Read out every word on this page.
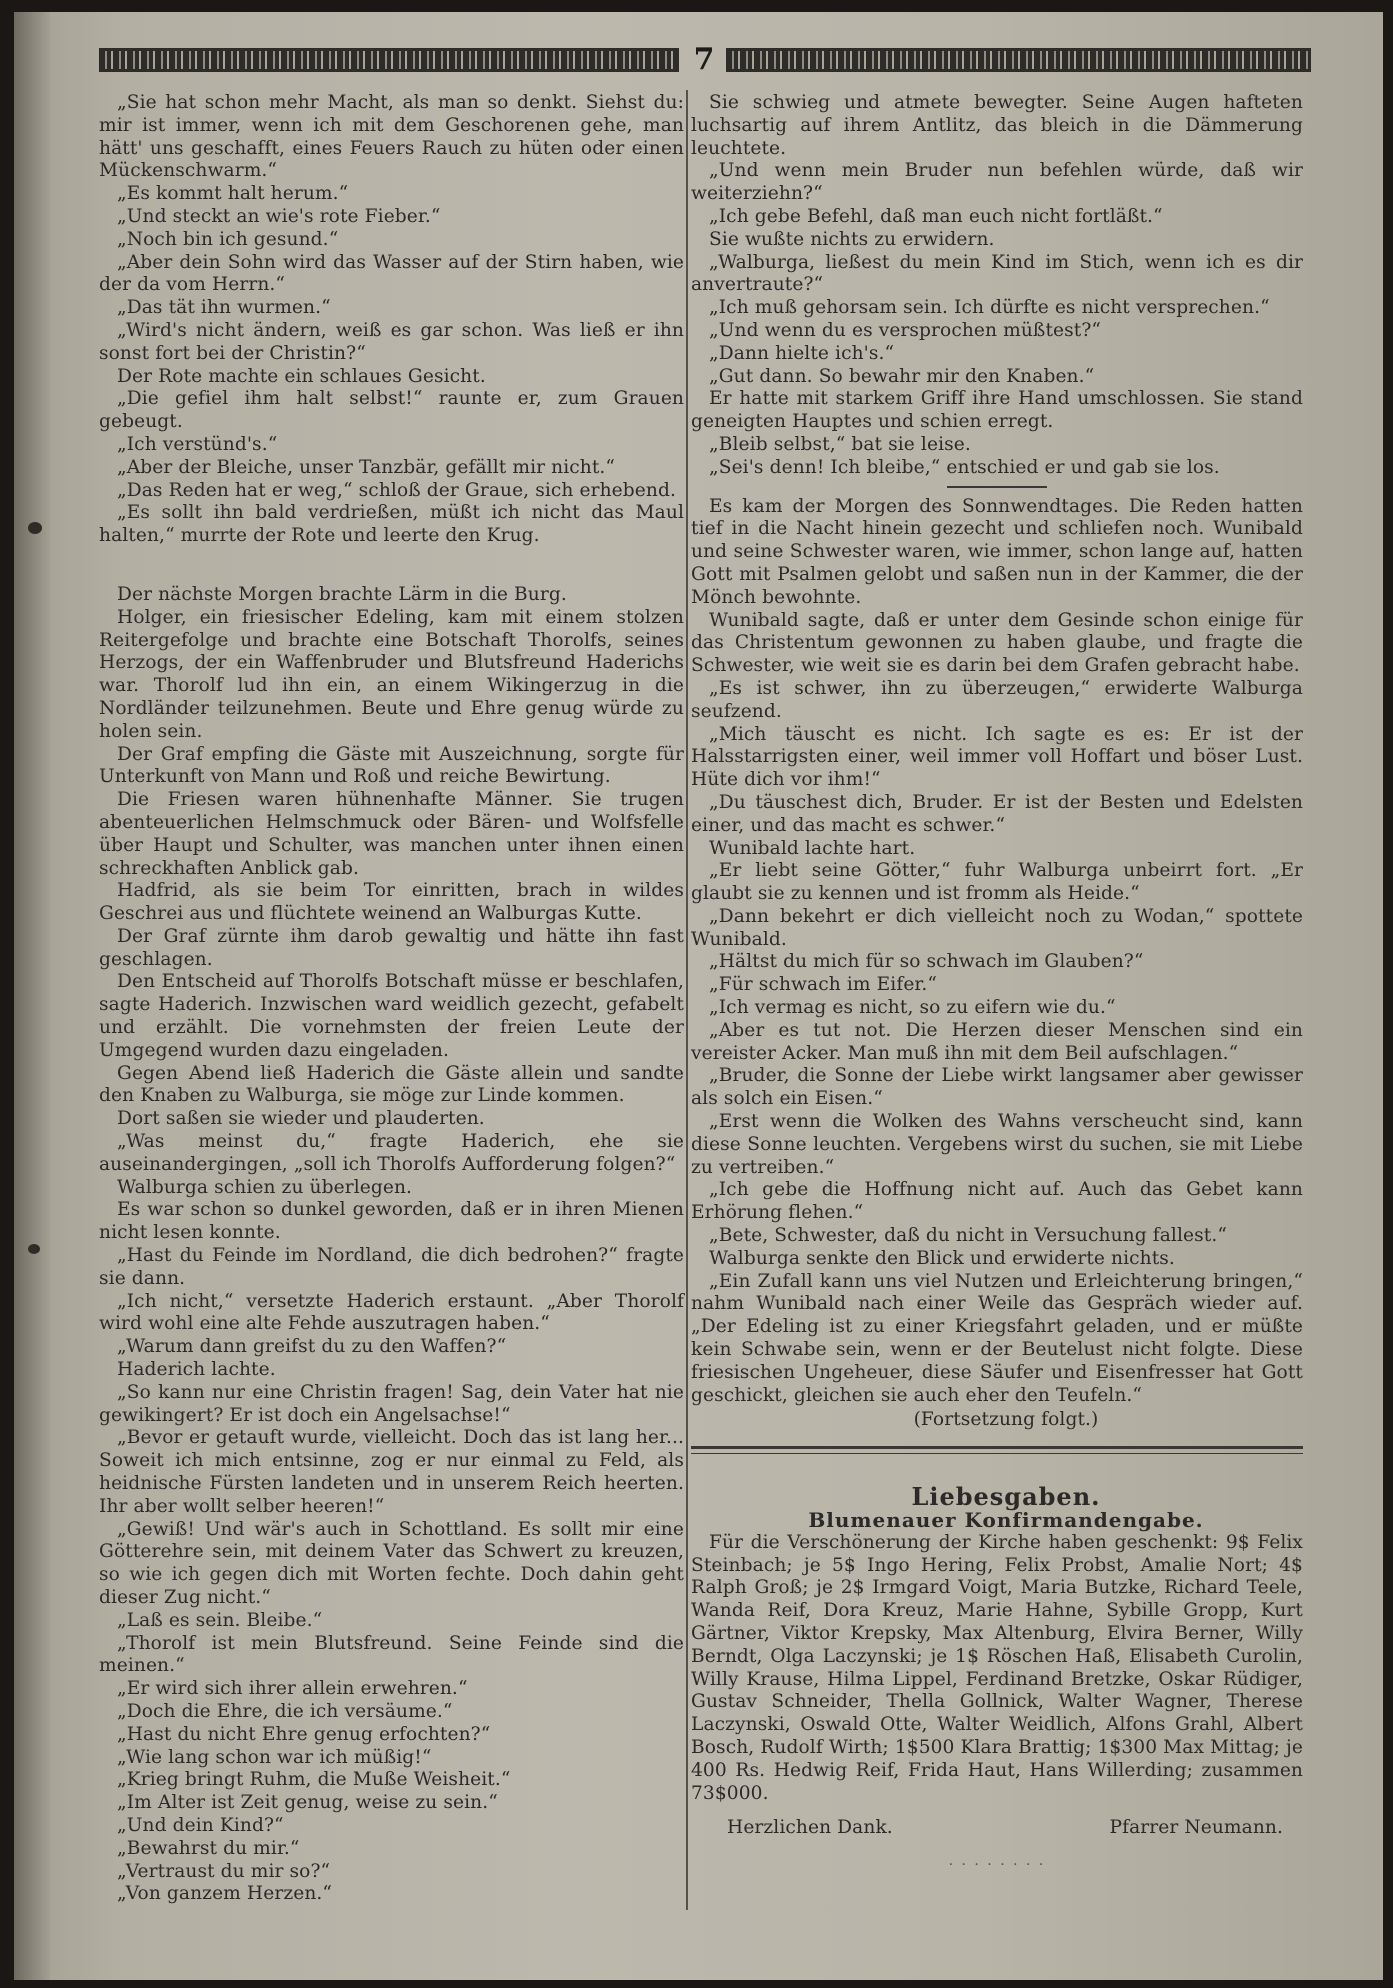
7

„Sie hat schon mehr Macht, als man so denkt. Siehst du: mir ist immer, wenn ich mit dem Geschorenen gehe, man hätt' uns geschafft, eines Feuers Rauch zu hüten oder einen Mückenschwarm.“

„Es kommt halt herum.“

„Und steckt an wie's rote Fieber.“

„Noch bin ich gesund.“

„Aber dein Sohn wird das Wasser auf der Stirn haben, wie der da vom Herrn.“

„Das tät ihn wurmen.“

„Wird's nicht ändern, weiß es gar schon. Was ließ er ihn sonst fort bei der Christin?“

Der Rote machte ein schlaues Gesicht.

„Die gefiel ihm halt selbst!“ raunte er, zum Grauen gebeugt.

„Ich verstünd's.“

„Aber der Bleiche, unser Tanzbär, gefällt mir nicht.“

„Das Reden hat er weg,“ schloß der Graue, sich erhebend.

„Es sollt ihn bald verdrießen, müßt ich nicht das Maul halten,“ murrte der Rote und leerte den Krug.

Der nächste Morgen brachte Lärm in die Burg.

Holger, ein friesischer Edeling, kam mit einem stolzen Reitergefolge und brachte eine Botschaft Thorolfs, seines Herzogs, der ein Waffenbruder und Blutsfreund Haderichs war. Thorolf lud ihn ein, an einem Wikingerzug in die Nordländer teilzunehmen. Beute und Ehre genug würde zu holen sein.

Der Graf empfing die Gäste mit Auszeichnung, sorgte für Unterkunft von Mann und Roß und reiche Bewirtung.

Die Friesen waren hühnenhafte Männer. Sie trugen abenteuerlichen Helmschmuck oder Bären- und Wolfsfelle über Haupt und Schulter, was manchen unter ihnen einen schreckhaften Anblick gab.

Hadfrid, als sie beim Tor einritten, brach in wildes Geschrei aus und flüchtete weinend an Walburgas Kutte.

Der Graf zürnte ihm darob gewaltig und hätte ihn fast geschlagen.

Den Entscheid auf Thorolfs Botschaft müsse er beschlafen, sagte Haderich. Inzwischen ward weidlich gezecht, gefabelt und erzählt. Die vornehmsten der freien Leute der Umgegend wurden dazu eingeladen.

Gegen Abend ließ Haderich die Gäste allein und sandte den Knaben zu Walburga, sie möge zur Linde kommen.

Dort saßen sie wieder und plauderten.

„Was meinst du,“ fragte Haderich, ehe sie auseinandergingen, „soll ich Thorolfs Aufforderung folgen?“

Walburga schien zu überlegen.

Es war schon so dunkel geworden, daß er in ihren Mienen nicht lesen konnte.

„Hast du Feinde im Nordland, die dich bedrohen?“ fragte sie dann.

„Ich nicht,“ versetzte Haderich erstaunt. „Aber Thorolf wird wohl eine alte Fehde auszutragen haben.“

„Warum dann greifst du zu den Waffen?“

Haderich lachte.

„So kann nur eine Christin fragen! Sag, dein Vater hat nie gewikingert? Er ist doch ein Angelsachse!“

„Bevor er getauft wurde, vielleicht. Doch das ist lang her... Soweit ich mich entsinne, zog er nur einmal zu Feld, als heidnische Fürsten landeten und in unserem Reich heerten. Ihr aber wollt selber heeren!“

„Gewiß! Und wär's auch in Schottland. Es sollt mir eine Götterehre sein, mit deinem Vater das Schwert zu kreuzen, so wie ich gegen dich mit Worten fechte. Doch dahin geht dieser Zug nicht.“

„Laß es sein. Bleibe.“

„Thorolf ist mein Blutsfreund. Seine Feinde sind die meinen.“

„Er wird sich ihrer allein erwehren.“

„Doch die Ehre, die ich versäume.“

„Hast du nicht Ehre genug erfochten?“

„Wie lang schon war ich müßig!“

„Krieg bringt Ruhm, die Muße Weisheit.“

„Im Alter ist Zeit genug, weise zu sein.“

„Und dein Kind?“

„Bewahrst du mir.“

„Vertraust du mir so?“

„Von ganzem Herzen.“

Sie schwieg und atmete bewegter. Seine Augen hafteten luchsartig auf ihrem Antlitz, das bleich in die Dämmerung leuchtete.

„Und wenn mein Bruder nun befehlen würde, daß wir weiterziehn?“

„Ich gebe Befehl, daß man euch nicht fortläßt.“

Sie wußte nichts zu erwidern.

„Walburga, ließest du mein Kind im Stich, wenn ich es dir anvertraute?“

„Ich muß gehorsam sein. Ich dürfte es nicht versprechen.“

„Und wenn du es versprochen müßtest?“

„Dann hielte ich's.“

„Gut dann. So bewahr mir den Knaben.“

Er hatte mit starkem Griff ihre Hand umschlossen. Sie stand geneigten Hauptes und schien erregt.

„Bleib selbst,“ bat sie leise.

„Sei's denn! Ich bleibe,“ entschied er und gab sie los.

Es kam der Morgen des Sonnwendtages. Die Reden hatten tief in die Nacht hinein gezecht und schliefen noch. Wunibald und seine Schwester waren, wie immer, schon lange auf, hatten Gott mit Psalmen gelobt und saßen nun in der Kammer, die der Mönch bewohnte.

Wunibald sagte, daß er unter dem Gesinde schon einige für das Christentum gewonnen zu haben glaube, und fragte die Schwester, wie weit sie es darin bei dem Grafen gebracht habe.

„Es ist schwer, ihn zu überzeugen,“ erwiderte Walburga seufzend.

„Mich täuscht es nicht. Ich sagte es es: Er ist der Halsstarrigsten einer, weil immer voll Hoffart und böser Lust. Hüte dich vor ihm!“

„Du täuschest dich, Bruder. Er ist der Besten und Edelsten einer, und das macht es schwer.“

Wunibald lachte hart.

„Er liebt seine Götter,“ fuhr Walburga unbeirrt fort. „Er glaubt sie zu kennen und ist fromm als Heide.“

„Dann bekehrt er dich vielleicht noch zu Wodan,“ spottete Wunibald.

„Hältst du mich für so schwach im Glauben?“

„Für schwach im Eifer.“

„Ich vermag es nicht, so zu eifern wie du.“

„Aber es tut not. Die Herzen dieser Menschen sind ein vereister Acker. Man muß ihn mit dem Beil aufschlagen.“

„Bruder, die Sonne der Liebe wirkt langsamer aber gewisser als solch ein Eisen.“

„Erst wenn die Wolken des Wahns verscheucht sind, kann diese Sonne leuchten. Vergebens wirst du suchen, sie mit Liebe zu vertreiben.“

„Ich gebe die Hoffnung nicht auf. Auch das Gebet kann Erhörung flehen.“

„Bete, Schwester, daß du nicht in Versuchung fallest.“

Walburga senkte den Blick und erwiderte nichts.

„Ein Zufall kann uns viel Nutzen und Erleichterung bringen,“ nahm Wunibald nach einer Weile das Gespräch wieder auf. „Der Edeling ist zu einer Kriegsfahrt geladen, und er müßte kein Schwabe sein, wenn er der Beutelust nicht folgte. Diese friesischen Ungeheuer, diese Säufer und Eisenfresser hat Gott geschickt, gleichen sie auch eher den Teufeln.“

(Fortsetzung folgt.)

Liebesgaben.

Blumenauer Konfirmandengabe.

Für die Verschönerung der Kirche haben geschenkt: 9$ Felix Steinbach; je 5$ Ingo Hering, Felix Probst, Amalie Nort; 4$ Ralph Groß; je 2$ Irmgard Voigt, Maria Butzke, Richard Teele, Wanda Reif, Dora Kreuz, Marie Hahne, Sybille Gropp, Kurt Gärtner, Viktor Krepsky, Max Altenburg, Elvira Berner, Willy Berndt, Olga Laczynski; je 1$ Röschen Haß, Elisabeth Curolin, Willy Krause, Hilma Lippel, Ferdinand Bretzke, Oskar Rüdiger, Gustav Schneider, Thella Gollnick, Walter Wagner, Therese Laczynski, Oswald Otte, Walter Weidlich, Alfons Grahl, Albert Bosch, Rudolf Wirth; 1$500 Klara Brattig; 1$300 Max Mittag; je 400 Rs. Hedwig Reif, Frida Haut, Hans Willerding; zusammen 73$000.

Herzlichen Dank.	Pfarrer Neumann.
· · · · · · · ·
